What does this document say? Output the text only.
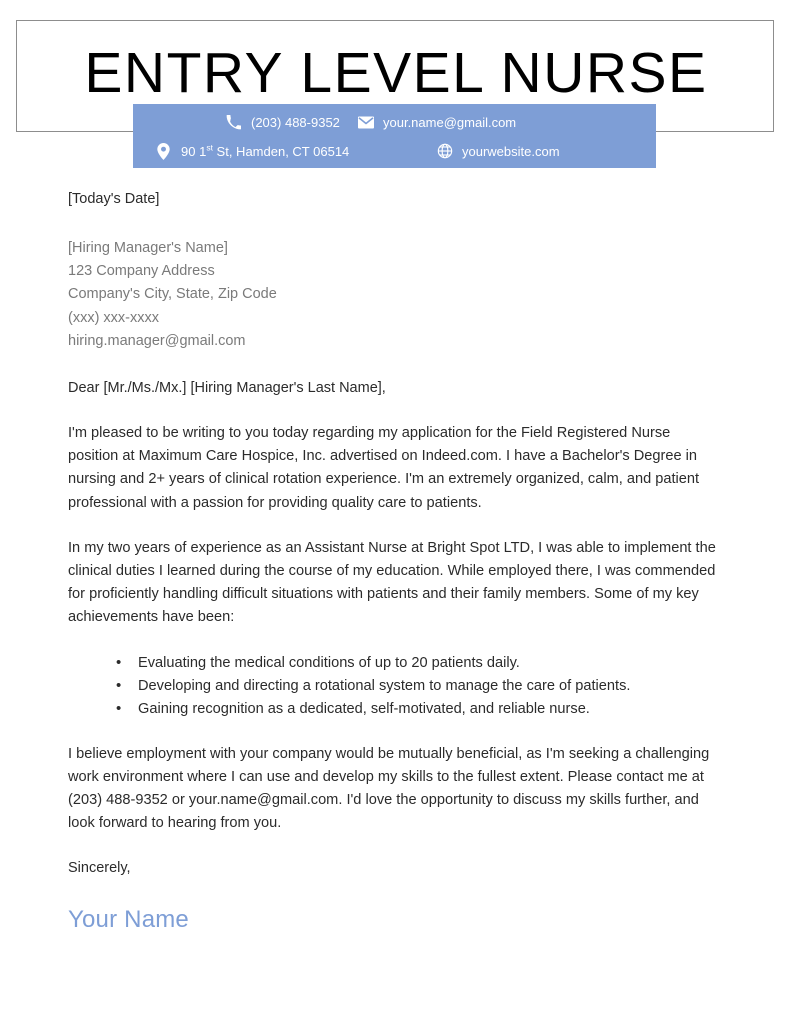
ENTRY LEVEL NURSE
(203) 488-9352	your.name@gmail.com
90 1st St, Hamden, CT 06514	yourwebsite.com
[Today's Date]
[Hiring Manager's Name]
123 Company Address
Company's City, State, Zip Code
(xxx) xxx-xxxx
hiring.manager@gmail.com
Dear [Mr./Ms./Mx.] [Hiring Manager's Last Name],

I'm pleased to be writing to you today regarding my application for the Field Registered Nurse position at Maximum Care Hospice, Inc. advertised on Indeed.com. I have a Bachelor's Degree in nursing and 2+ years of clinical rotation experience. I'm an extremely organized, calm, and patient professional with a passion for providing quality care to patients.

In my two years of experience as an Assistant Nurse at Bright Spot LTD, I was able to implement the clinical duties I learned during the course of my education. While employed there, I was commended for proficiently handling difficult situations with patients and their family members. Some of my key achievements have been:

• Evaluating the medical conditions of up to 20 patients daily.
• Developing and directing a rotational system to manage the care of patients.
• Gaining recognition as a dedicated, self-motivated, and reliable nurse.

I believe employment with your company would be mutually beneficial, as I'm seeking a challenging work environment where I can use and develop my skills to the fullest extent. Please contact me at (203) 488-9352 or your.name@gmail.com. I'd love the opportunity to discuss my skills further, and look forward to hearing from you.

Sincerely,
Your Name
